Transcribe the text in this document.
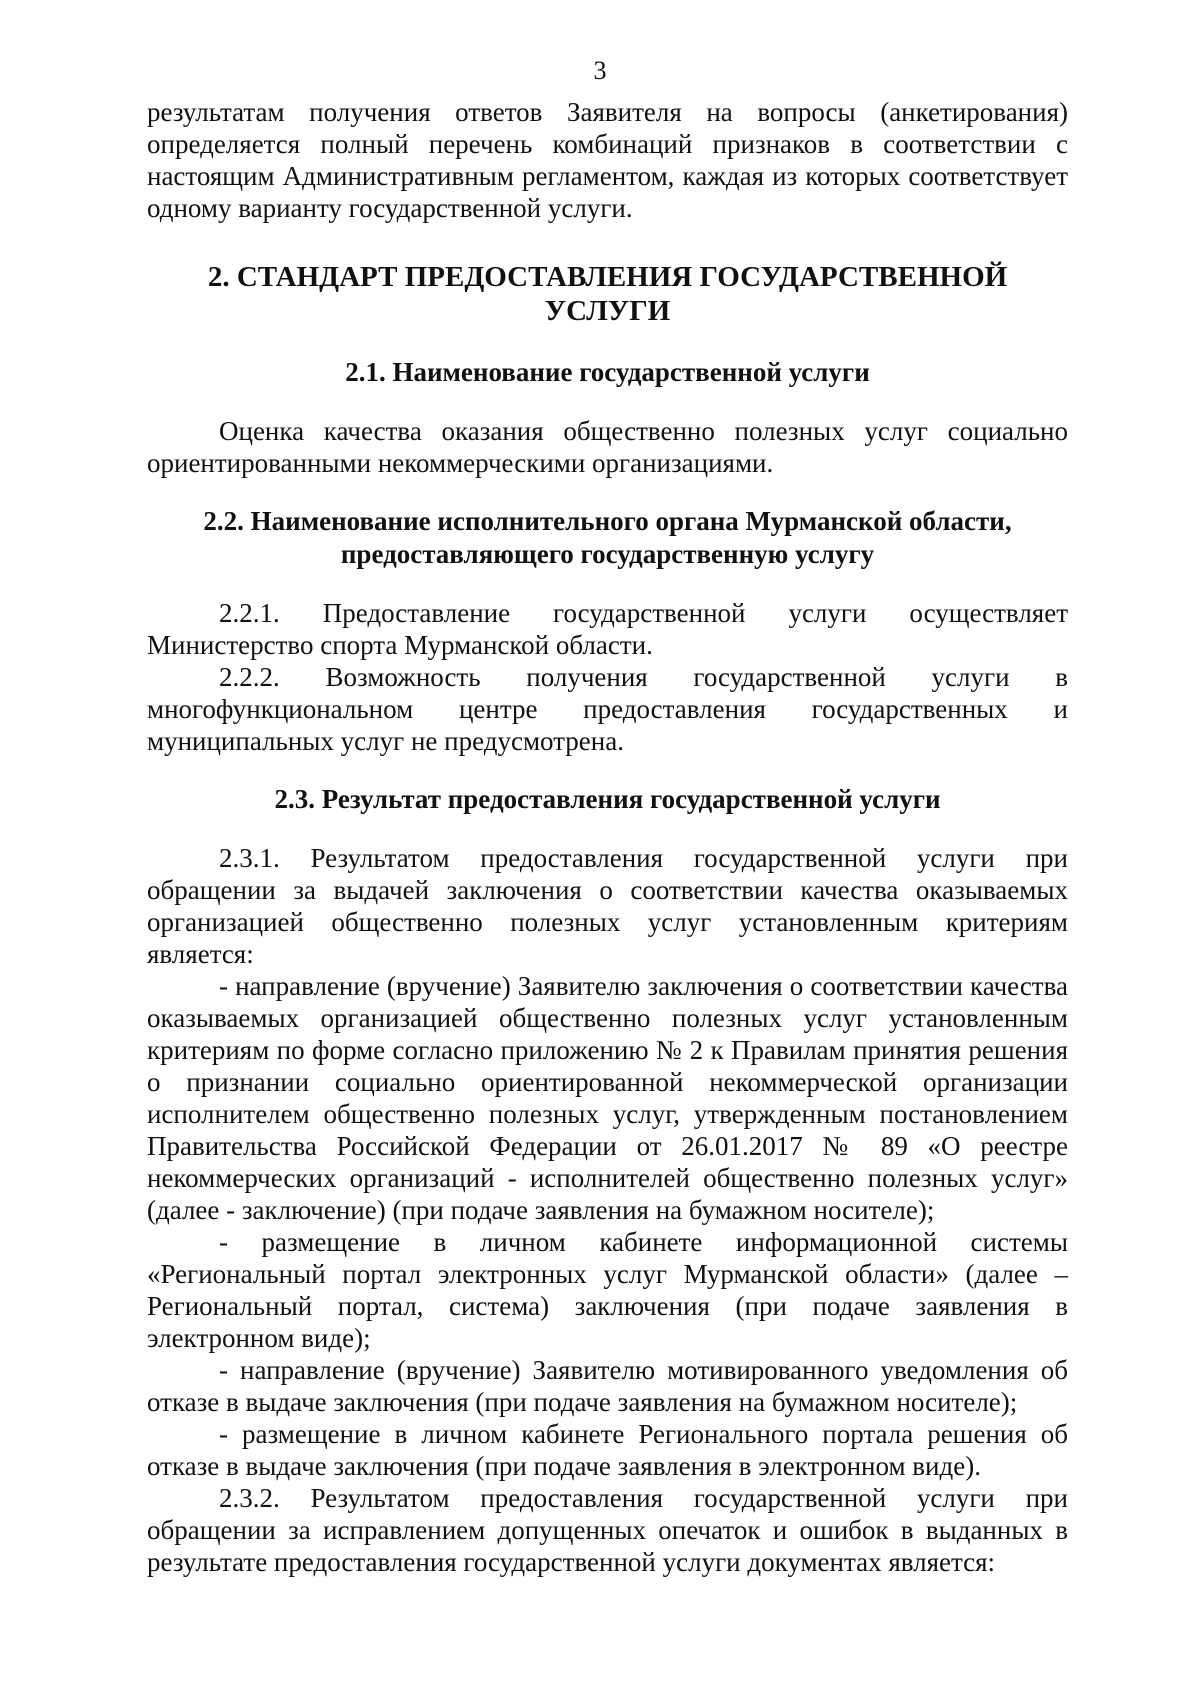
3

результатам получения ответов Заявителя на вопросы (анкетирования) определяется полный перечень комбинаций признаков в соответствии с настоящим Административным регламентом, каждая из которых соответствует одному варианту государственной услуги.

2. СТАНДАРТ ПРЕДОСТАВЛЕНИЯ ГОСУДАРСТВЕННОЙ УСЛУГИ
2.1. Наименование государственной услуги

Оценка качества оказания общественно полезных услуг социально ориентированными некоммерческими организациями.

2.2. Наименование исполнительного органа Мурманской области,
предоставляющего государственную услугу

2.2.1. Предоставление государственной услуги осуществляет Министерство спорта Мурманской области.

2.2.2. Возможность получения государственной услуги в многофункциональном центре предоставления государственных и муниципальных услуг не предусмотрена.

2.3. Результат предоставления государственной услуги

2.3.1. Результатом предоставления государственной услуги при обращении за выдачей заключения о соответствии качества оказываемых организацией общественно полезных услуг установленным критериям является:

- направление (вручение) Заявителю заключения о соответствии качества оказываемых организацией общественно полезных услуг установленным критериям по форме согласно приложению № 2 к Правилам принятия решения о признании социально ориентированной некоммерческой организации исполнителем общественно полезных услуг, утвержденным постановлением Правительства Российской Федерации от 26.01.2017 № 89 «О реестре некоммерческих организаций - исполнителей общественно полезных услуг» (далее - заключение) (при подаче заявления на бумажном носителе);

- размещение в личном кабинете информационной системы «Региональный портал электронных услуг Мурманской области» (далее – Региональный портал, система) заключения (при подаче заявления в электронном виде);

- направление (вручение) Заявителю мотивированного уведомления об отказе в выдаче заключения (при подаче заявления на бумажном носителе);

- размещение в личном кабинете Регионального портала решения об отказе в выдаче заключения (при подаче заявления в электронном виде).

2.3.2. Результатом предоставления государственной услуги при обращении за исправлением допущенных опечаток и ошибок в выданных в результате предоставления государственной услуги документах является:
